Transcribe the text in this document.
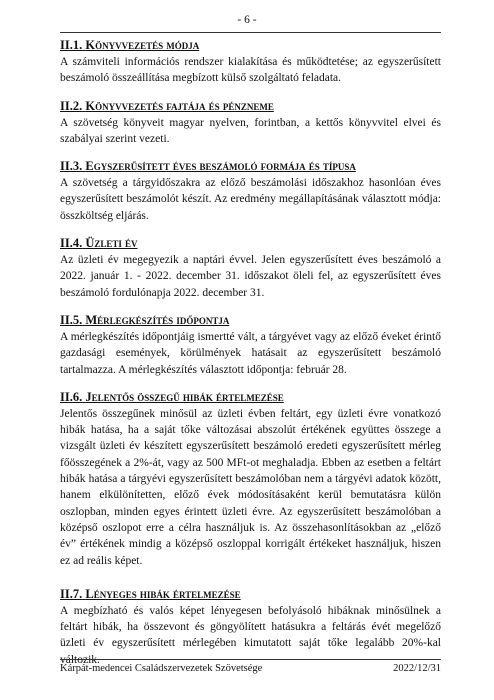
- 6 -
II.1. Könyvvezetés módja

A számviteli információs rendszer kialakítása és működtetése; az egyszerűsített beszámoló összeállítása megbízott külső szolgáltató feladata.

II.2. Könyvvezetés fajtája és pénzneme

A szövetség könyveit magyar nyelven, forintban, a kettős könyvvitel elvei és szabályai szerint vezeti.

II.3. Egyszerűsített éves beszámoló formája és típusa

A szövetség a tárgyidőszakra az előző beszámolási időszakhoz hasonlóan éves egyszerűsített beszámolót készít. Az eredmény megállapításának választott módja: összköltség eljárás.

II.4. Üzleti év

Az üzleti év megegyezik a naptári évvel. Jelen egyszerűsített éves beszámoló a 2022. január 1. - 2022. december 31. időszakot öleli fel, az egyszerűsített éves beszámoló fordulónapja 2022. december 31.

II.5. Mérlegkészítés időpontja

A mérlegkészítés időpontjáig ismertté vált, a tárgyévet vagy az előző éveket érintő gazdasági események, körülmények hatásait az egyszerűsített beszámoló tartalmazza. A mérlegkészítés választott időpontja: február 28.

II.6. Jelentős összegű hibák értelmezése

Jelentős összegűnek minősül az üzleti évben feltárt, egy üzleti évre vonatkozó hibák hatása, ha a saját tőke változásai abszolút értékének együttes összege a vizsgált üzleti év készített egyszerűsített beszámoló eredeti egyszerűsített mérleg főösszegének a 2%-át, vagy az 500 MFt-ot meghaladja. Ebben az esetben a feltárt hibák hatása a tárgyévi egyszerűsített beszámolóban nem a tárgyévi adatok között, hanem elkülönítetten, előző évek módosításaként kerül bemutatásra külön oszlopban, minden egyes érintett üzleti évre. Az egyszerűsített beszámolóban a középső oszlopot erre a célra használjuk is. Az összehasonlításokban az „előző év” értékének mindig a középső oszloppal korrigált értékeket használjuk, hiszen ez ad reális képet.

II.7. Lényeges hibák értelmezése

A megbízható és valós képet lényegesen befolyásoló hibáknak minősülnek a feltárt hibák, ha összevont és göngyölített hatásukra a feltárás évét megelőző üzleti év egyszerűsített mérlegében kimutatott saját tőke legalább 20%-kal változik.

Kárpát-medencei Családszervezetek Szövetsége	2022/12/31
